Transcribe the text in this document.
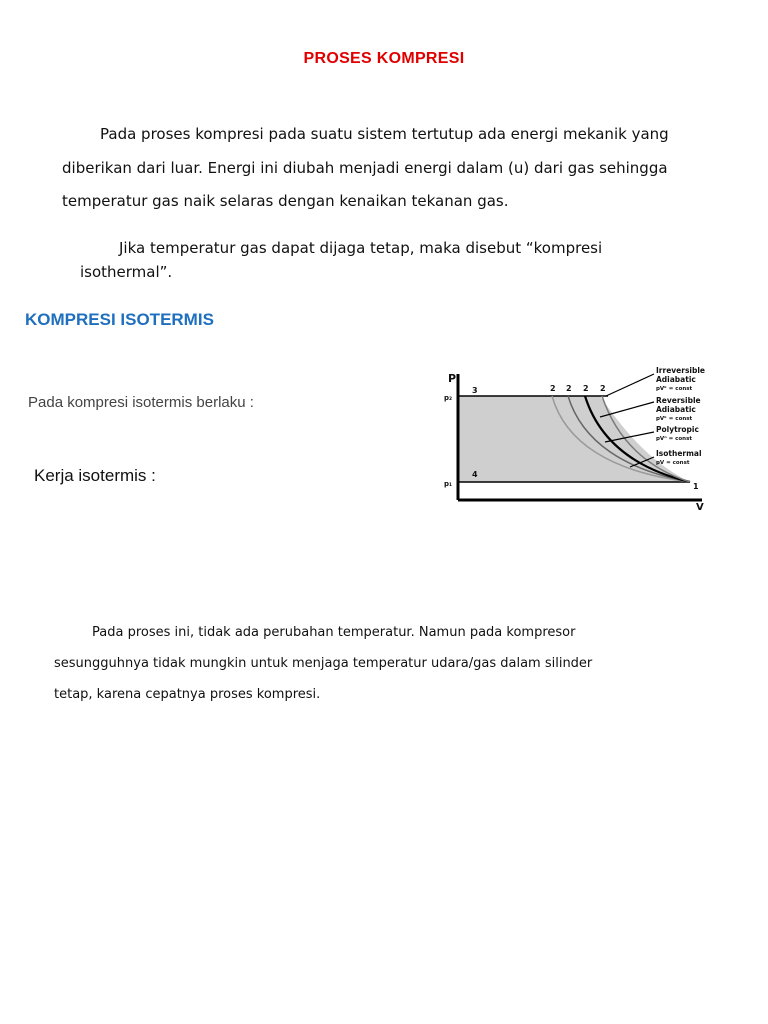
PROSES KOMPRESI
Pada proses kompresi pada suatu sistem tertutup ada energi mekanik yang
diberikan dari luar. Energi ini diubah menjadi energi dalam (u) dari gas sehingga
temperatur gas naik selaras dengan kenaikan tekanan gas.
Jika temperatur gas dapat dijaga tetap, maka disebut “kompresi
isothermal”.
KOMPRESI ISOTERMIS
Pada kompresi isotermis berlaku :
Kerja isotermis :
P
V
p₂
p₁
3
4
1
2 2 2 2
Irreversible
Adiabatic
pVᵏ = const
Reversible
Adiabatic
pVᵏ = const
Polytropic
pVⁿ = const
Isothermal
pV = const
Pada proses ini, tidak ada perubahan temperatur. Namun pada kompresor
sesungguhnya tidak mungkin untuk menjaga temperatur udara/gas dalam silinder
tetap, karena cepatnya proses kompresi.
